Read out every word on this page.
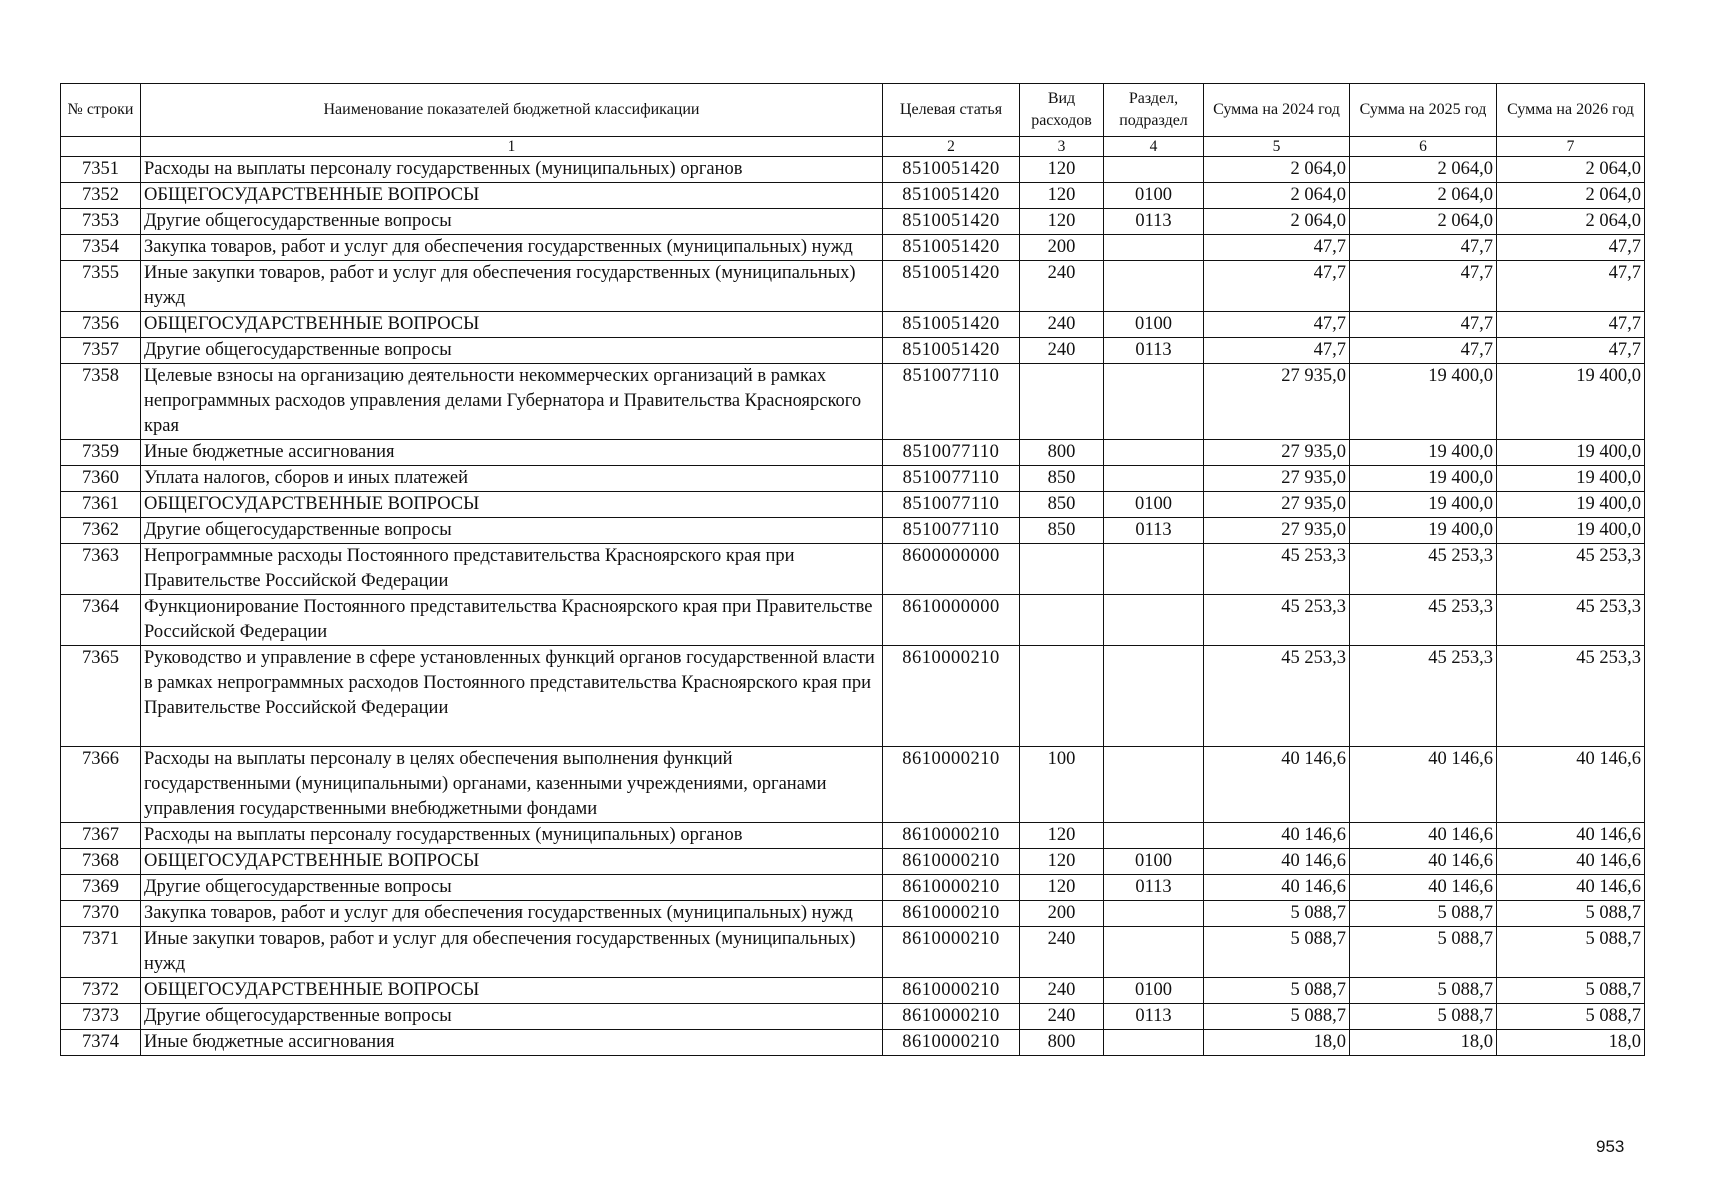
№ строки	Наименование показателей бюджетной классификации	Целевая статья	Вид расходов	Раздел, подраздел	Сумма на 2024 год	Сумма на 2025 год	Сумма на 2026 год
	1	2	3	4	5	6	7
7351	Расходы на выплаты персоналу государственных (муниципальных) органов	8510051420	120		2 064,0	2 064,0	2 064,0
7352	ОБЩЕГОСУДАРСТВЕННЫЕ ВОПРОСЫ	8510051420	120	0100	2 064,0	2 064,0	2 064,0
7353	Другие общегосударственные вопросы	8510051420	120	0113	2 064,0	2 064,0	2 064,0
7354	Закупка товаров, работ и услуг для обеспечения государственных (муниципальных) нужд	8510051420	200		47,7	47,7	47,7
7355	Иные закупки товаров, работ и услуг для обеспечения государственных (муниципальных) нужд	8510051420	240		47,7	47,7	47,7
7356	ОБЩЕГОСУДАРСТВЕННЫЕ ВОПРОСЫ	8510051420	240	0100	47,7	47,7	47,7
7357	Другие общегосударственные вопросы	8510051420	240	0113	47,7	47,7	47,7
7358	Целевые взносы на организацию деятельности некоммерческих организаций в рамках непрограммных расходов управления делами Губернатора и Правительства Красноярского края	8510077110			27 935,0	19 400,0	19 400,0
7359	Иные бюджетные ассигнования	8510077110	800		27 935,0	19 400,0	19 400,0
7360	Уплата налогов, сборов и иных платежей	8510077110	850		27 935,0	19 400,0	19 400,0
7361	ОБЩЕГОСУДАРСТВЕННЫЕ ВОПРОСЫ	8510077110	850	0100	27 935,0	19 400,0	19 400,0
7362	Другие общегосударственные вопросы	8510077110	850	0113	27 935,0	19 400,0	19 400,0
7363	Непрограммные расходы Постоянного представительства Красноярского края при Правительстве Российской Федерации	8600000000			45 253,3	45 253,3	45 253,3
7364	Функционирование Постоянного представительства Красноярского края при Правительстве Российской Федерации	8610000000			45 253,3	45 253,3	45 253,3
7365	Руководство и управление в сфере установленных функций органов государственной власти в рамках непрограммных расходов Постоянного представительства Красноярского края при Правительстве Российской Федерации	8610000210			45 253,3	45 253,3	45 253,3
7366	Расходы на выплаты персоналу в целях обеспечения выполнения функций государственными (муниципальными) органами, казенными учреждениями, органами управления государственными внебюджетными фондами	8610000210	100		40 146,6	40 146,6	40 146,6
7367	Расходы на выплаты персоналу государственных (муниципальных) органов	8610000210	120		40 146,6	40 146,6	40 146,6
7368	ОБЩЕГОСУДАРСТВЕННЫЕ ВОПРОСЫ	8610000210	120	0100	40 146,6	40 146,6	40 146,6
7369	Другие общегосударственные вопросы	8610000210	120	0113	40 146,6	40 146,6	40 146,6
7370	Закупка товаров, работ и услуг для обеспечения государственных (муниципальных) нужд	8610000210	200		5 088,7	5 088,7	5 088,7
7371	Иные закупки товаров, работ и услуг для обеспечения государственных (муниципальных) нужд	8610000210	240		5 088,7	5 088,7	5 088,7
7372	ОБЩЕГОСУДАРСТВЕННЫЕ ВОПРОСЫ	8610000210	240	0100	5 088,7	5 088,7	5 088,7
7373	Другие общегосударственные вопросы	8610000210	240	0113	5 088,7	5 088,7	5 088,7
7374	Иные бюджетные ассигнования	8610000210	800		18,0	18,0	18,0
953
